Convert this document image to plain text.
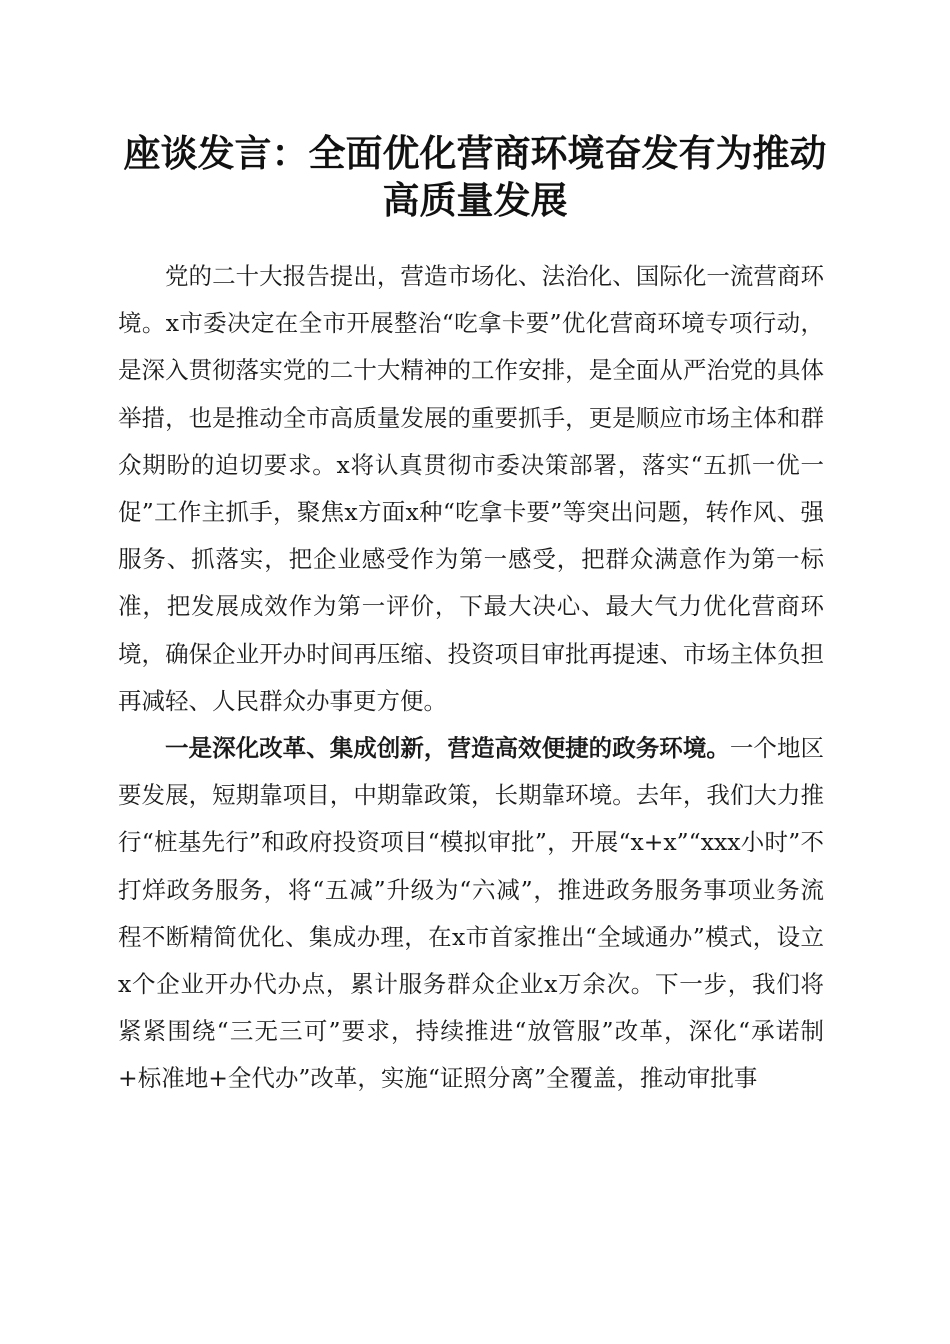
座谈发言：全面优化营商环境奋发有为推动高质量发展

党的二十大报告提出，营造市场化、法治化、国际化一流营商环境。x市委决定在全市开展整治“吃拿卡要”优化营商环境专项行动，是深入贯彻落实党的二十大精神的工作安排，是全面从严治党的具体举措，也是推动全市高质量发展的重要抓手，更是顺应市场主体和群众期盼的迫切要求。x将认真贯彻市委决策部署，落实“五抓一优一促”工作主抓手，聚焦x方面x种“吃拿卡要”等突出问题，转作风、强服务、抓落实，把企业感受作为第一感受，把群众满意作为第一标准，把发展成效作为第一评价，下最大决心、最大气力优化营商环境，确保企业开办时间再压缩、投资项目审批再提速、市场主体负担再减轻、人民群众办事更方便。

一是深化改革、集成创新，营造高效便捷的政务环境。一个地区要发展，短期靠项目，中期靠政策，长期靠环境。去年，我们大力推行“桩基先行”和政府投资项目“模拟审批”，开展“x+x”“xxx小时”不打烊政务服务，将“五减”升级为“六减”，推进政务服务事项业务流程不断精简优化、集成办理，在x市首家推出“全域通办”模式，设立x个企业开办代办点，累计服务群众企业x万余次。下一步，我们将紧紧围绕“三无三可”要求，持续推进“放管服”改革，深化“承诺制+标准地+全代办”改革，实施“证照分离”全覆盖，推动审批事
